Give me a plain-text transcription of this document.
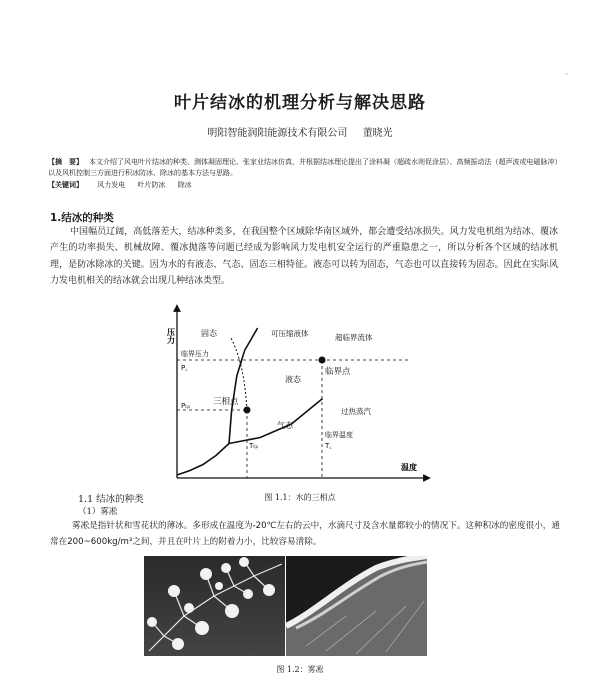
ˇ
叶片结冰的机理分析与解决思路
明阳智能润阳能源技术有限公司 董晓光
【摘　要】 本文介绍了风电叶片结冰的种类、测体凝固理论、张家业结冰仿真，并根据结冰理论提出了涂料凝（超疏水则促涂层）、高频振动法（超声波或电磁脉冲）以及风机控制三方面进行积冰防冰、除冰的基本方法与思路。
【关键词】 风力发电 叶片防冰 除冰
1.结冰的种类
中国幅员辽阔，高低落差大，结冰种类多，在我国整个区域除华南区域外，都会遭受结冰损失。风力发电机组为结冰、覆冰产生的功率损失、机械故障、覆冰抛落等问题已经成为影响风力发电机安全运行的严重隐患之一，所以分析各个区域的结冰机理，是防冰除冰的关键。因为水的有液态、气态、固态三相特征。液态可以转为固态，气态也可以直接转为固态。因此在实际风力发电机相关的结冰就会出现几种结冰类型。
压力
温度
固态
液态
气态
可压缩液体	超临界流体
过热蒸汽
临界压力
P꜀
Pₜₚ	三相点
临界点
临界温度
T꜀
Tₜₚ
图 1.1：水的三相点
1.1 结冰的种类
（1）雾凇
雾凇是指针状和雪花状的薄冰。多形成在温度为-20℃左右的云中，水滴尺寸及含水量都较小的情况下。这种积冰的密度很小，通常在200~600kg/m³之间，并且在叶片上的附着力小，比较容易清除。
图 1.2：雾凇
